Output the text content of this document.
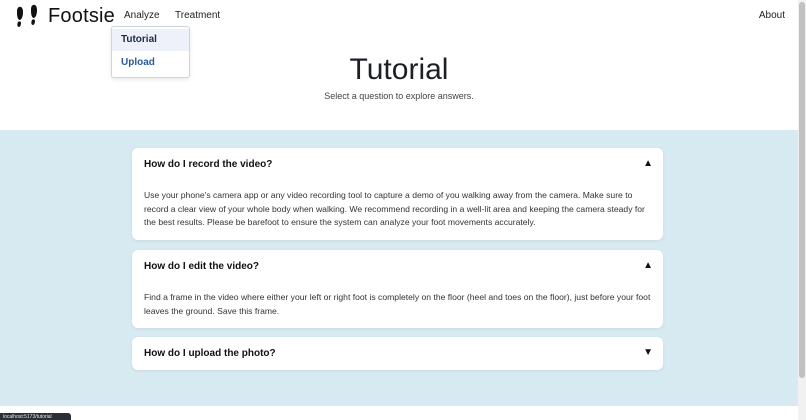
Footsie Analyze Treatment	About
Tutorial
Upload	Tutorial

Select a question to explore answers.

How do I record the video?	▲

Use your phone's camera app or any video recording tool to capture a demo of you walking away from the camera. Make sure to record a clear view of your whole body when walking. We recommend recording in a well-lit area and keeping the camera steady for the best results. Please be barefoot to ensure the system can analyze your foot movements accurately.

How do I edit the video?	▲

Find a frame in the video where either your left or right foot is completely on the floor (heel and toes on the floor), just before your foot leaves the ground. Save this frame.

How do I upload the photo?	▼
localhost:5173/tutorial
